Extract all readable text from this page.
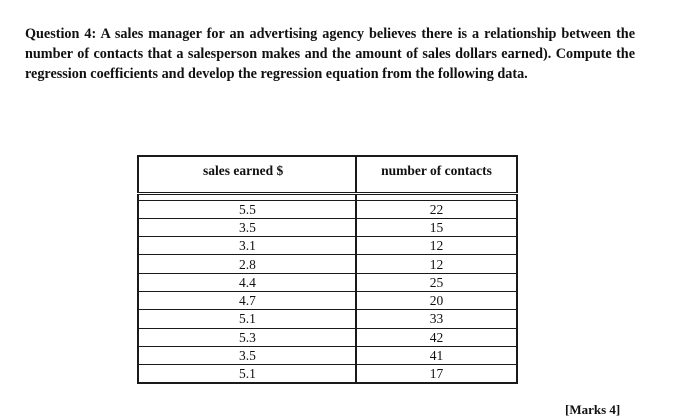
Question 4: A sales manager for an advertising agency believes there is a relationship between the number of contacts that a salesperson makes and the amount of sales dollars earned). Compute the regression coefficients and develop the regression equation from the following data.

sales earned $	number of contacts

5.5	22
3.5	15
3.1	12
2.8	12
4.4	25
4.7	20
5.1	33
5.3	42
3.5	41
5.1	17
[Marks 4]
